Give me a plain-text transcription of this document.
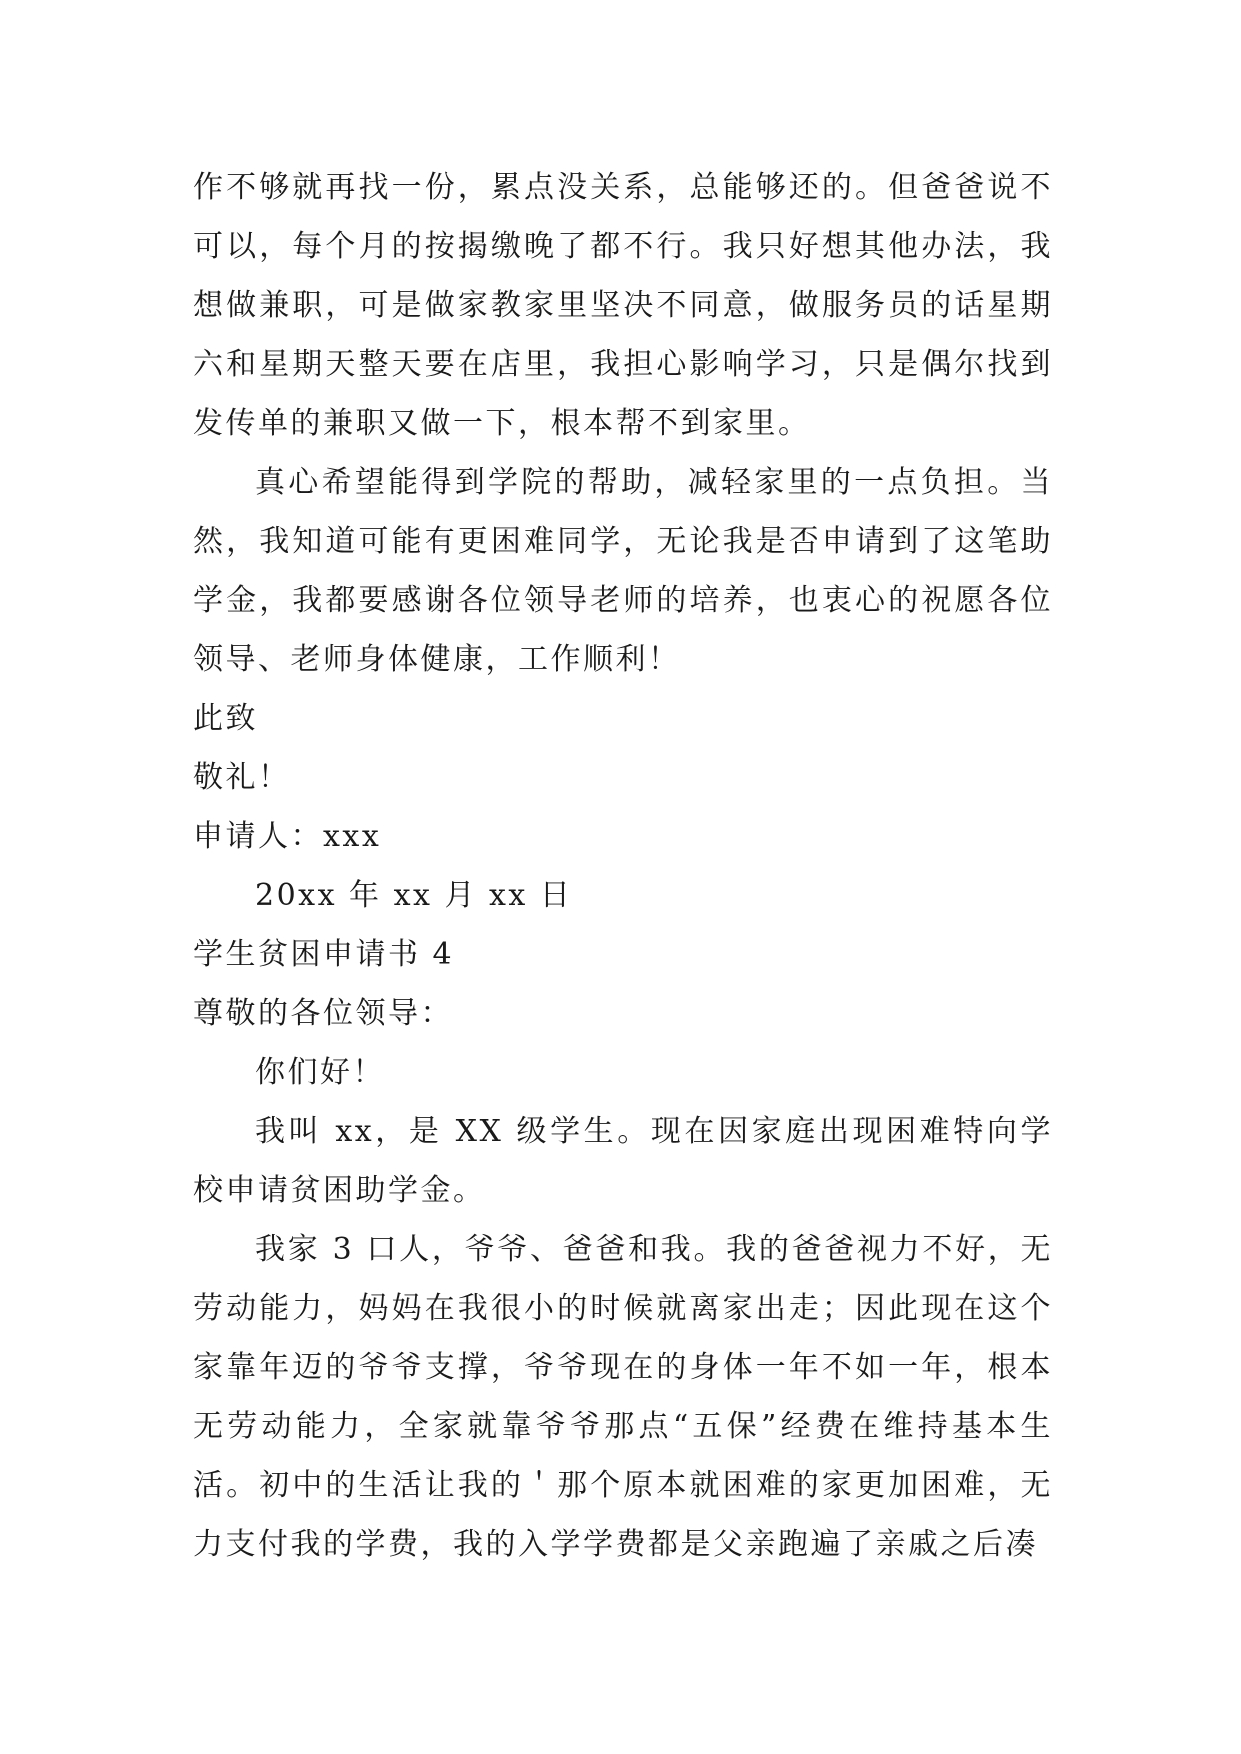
作不够就再找一份，累点没关系，总能够还的。但爸爸说不可以，每个月的按揭缴晚了都不行。我只好想其他办法，我想做兼职，可是做家教家里坚决不同意，做服务员的话星期六和星期天整天要在店里，我担心影响学习，只是偶尔找到发传单的兼职又做一下，根本帮不到家里。

真心希望能得到学院的帮助，减轻家里的一点负担。当然，我知道可能有更困难同学，无论我是否申请到了这笔助学金，我都要感谢各位领导老师的培养，也衷心的祝愿各位领导、老师身体健康，工作顺利！

此致

敬礼！

申请人：xxx

20xx 年 xx 月 xx 日

学生贫困申请书 4

尊敬的各位领导：

你们好！

我叫 xx，是 XX 级学生。现在因家庭出现困难特向学校申请贫困助学金。

我家 3 口人，爷爷、爸爸和我。我的爸爸视力不好，无劳动能力，妈妈在我很小的时候就离家出走；因此现在这个家靠年迈的爷爷支撑，爷爷现在的身体一年不如一年，根本无劳动能力，全家就靠爷爷那点“五保”经费在维持基本生活。初中的生活让我的＇那个原本就困难的家更加困难，无力支付我的学费，我的入学学费都是父亲跑遍了亲戚之后凑
